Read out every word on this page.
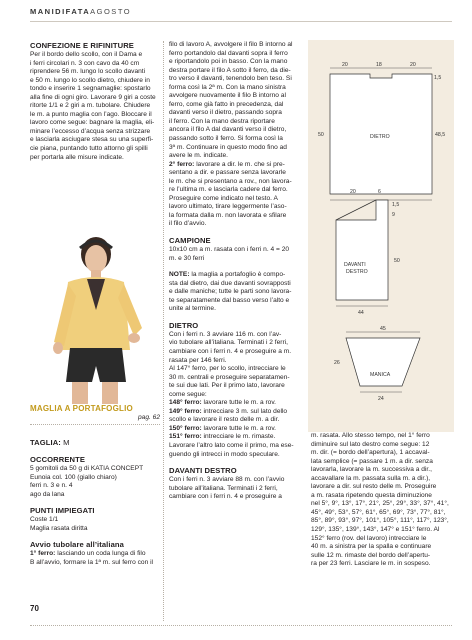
MANIDIFATAAGOSTO

CONFEZIONE E RIFINITURE

Per il bordo dello scollo, con il Dama e

i ferri circolari n. 3 con cavo da 40 cm

riprendere 56 m. lungo lo scollo davanti

e 50 m. lungo lo scollo dietro, chiudere in

tondo e inserire 1 segnamaglie: spostarlo

alla fine di ogni giro. Lavorare 9 giri a coste

ritorte 1/1 e 2 giri a m. tubolare. Chiudere

le m. a punto maglia con l’ago. Bloccare il

lavoro come segue: bagnare la maglia, eli-

minare l’eccesso d’acqua senza strizzare

e lasciarla asciugare stesa su una superfi-

cie piana, puntando tutto attorno gli spilli

per portarla alle misure indicate.

MAGLIA A PORTAFOGLIO
pag. 62

TAGLIA: M

OCCORRENTE

5 gomitoli da 50 g di KATIA CONCEPT

Eunoia col. 100 (giallo chiaro)

ferri n. 3 e n. 4

ago da lana

PUNTI IMPIEGATI

Coste 1/1

Maglia rasata diritta

Avvio tubolare all’italiana

1° ferro: lasciando un coda lunga di filo

B all’avvio, formare la 1ª m. sul ferro con il

filo di lavoro A, avvolgere il filo B intorno al

ferro portandolo dal davanti sopra il ferro

e riportandolo poi in basso. Con la mano

destra portare il filo A sotto il ferro, da die-

tro verso il davanti, tenendolo ben teso. Si

forma così la 2ª m. Con la mano sinistra

avvolgere nuovamente il filo B intorno al

ferro, come già fatto in precedenza, dal

davanti verso il dietro, passando sopra

il ferro. Con la mano destra riportare

ancora il filo A dal davanti verso il dietro,

passando sotto il ferro. Si forma così la

3ª m. Continuare in questo modo fino ad

avere le m. indicate.

2° ferro: lavorare a dir. le m. che si pre-

sentano a dir. e passare senza lavorarle

le m. che si presentano a rov., non lavora-

re l’ultima m. e lasciarla cadere dal ferro.

Proseguire come indicato nel testo. A

lavoro ultimato, tirare leggermente l’aso-

la formata dalla m. non lavorata e sfilare

il filo d’avvio.

CAMPIONE

10x10 cm a m. rasata con i ferri n. 4 = 20

m. e 30 ferri

NOTE: la maglia a portafoglio è compo-

sta dal dietro, dai due davanti sovrapposti

e dalle maniche; tutte le parti sono lavora-

te separatamente dal basso verso l’alto e

unite al termine.

DIETRO

Con i ferri n. 3 avviare 116 m. con l’av-

vio tubolare all’italiana. Terminati i 2 ferri,

cambiare con i ferri n. 4 e proseguire a m.

rasata per 146 ferri.

Al 147° ferro, per lo scollo, intrecciare le

30 m. centrali e proseguire separatamen-

te sui due lati. Per il primo lato, lavorare

come segue:

148° ferro: lavorare tutte le m. a rov.

149° ferro: intrecciare 3 m. sul lato dello

scollo e lavorare il resto delle m. a dir.

150° ferro: lavorare tutte le m. a rov.

151° ferro: intrecciare le m. rimaste.

Lavorare l’altro lato come il primo, ma ese-

guendo gli intrecci in modo speculare.

DAVANTI DESTRO

Con i ferri n. 3 avviare 88 m. con l’avvio

tubolare all’italiana. Terminati i 2 ferri,

cambiare con i ferri n. 4 e proseguire a

20	18	20
1,5
50	48,5
DIETRO
20	6
1,5
9
50
DAVANTI
DESTRO
44
45
26
MANICA
24

m. rasata. Allo stesso tempo, nel 1° ferro

diminuire sul lato destro come segue: 12

m. dir. (= bordo dell’apertura), 1 accaval-

lata semplice (= passare 1 m. a dir. senza

lavorarla, lavorare la m. successiva a dir.,

accavallare la m. passata sulla m. a dir.),

lavorare a dir. sul resto delle m. Proseguire

a m. rasata ripetendo questa diminuzione

nel 5°, 9°, 13°, 17°, 21°, 25°, 29°, 33°, 37°, 41°,

45°, 49°, 53°, 57°, 61°, 65°, 69°, 73°, 77°, 81°,

85°, 89°, 93°, 97°, 101°, 105°, 111°, 117°, 123°,

129°, 135°, 139°, 143°, 147° e 151° ferro. Al

152° ferro (rov. del lavoro) intrecciare le

40 m. a sinistra per la spalla e continuare

sulle 12 m. rimaste del bordo dell’apertu-

ra per 23 ferri. Lasciare le m. in sospeso.

70
